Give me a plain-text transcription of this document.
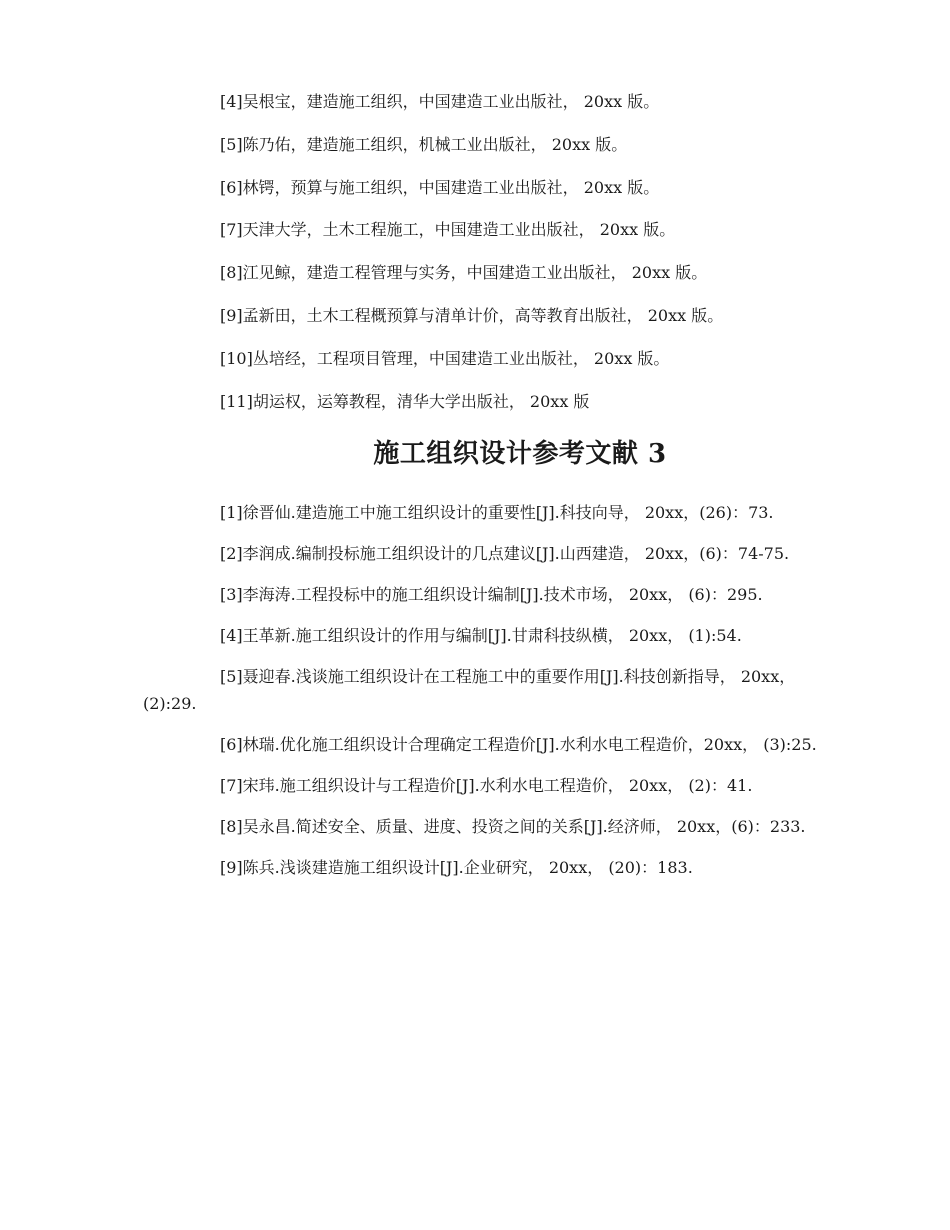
[4]吴根宝，建造施工组织，中国建造工业出版社， 20xx 版。
[5]陈乃佑，建造施工组织，机械工业出版社， 20xx 版。
[6]林锷，预算与施工组织，中国建造工业出版社， 20xx 版。
[7]天津大学，土木工程施工，中国建造工业出版社， 20xx 版。
[8]江见鲸，建造工程管理与实务，中国建造工业出版社， 20xx 版。
[9]孟新田，土木工程概预算与清单计价，高等教育出版社， 20xx 版。
[10]丛培经，工程项目管理，中国建造工业出版社， 20xx 版。
[11]胡运权，运筹教程，清华大学出版社， 20xx 版
施工组织设计参考文献 3

[1]徐晋仙.建造施工中施工组织设计的重要性[J].科技向导， 20xx，(26)：73.

[2]李润成.编制投标施工组织设计的几点建议[J].山西建造， 20xx，(6)：74-75.

[3]李海涛.工程投标中的施工组织设计编制[J].技术市场， 20xx， (6)：295.

[4]王革新.施工组织设计的作用与编制[J].甘肃科技纵横， 20xx， (1):54.

[5]聂迎春.浅谈施工组织设计在工程施工中的重要作用[J].科技创新指导， 20xx， (2):29.

[6]林瑞.优化施工组织设计合理确定工程造价[J].水利水电工程造价，20xx， (3):25.

[7]宋玮.施工组织设计与工程造价[J].水利水电工程造价， 20xx， (2)：41.

[8]吴永昌.简述安全、质量、进度、投资之间的关系[J].经济师， 20xx，(6)：233.

[9]陈兵.浅谈建造施工组织设计[J].企业研究， 20xx， (20)：183.
